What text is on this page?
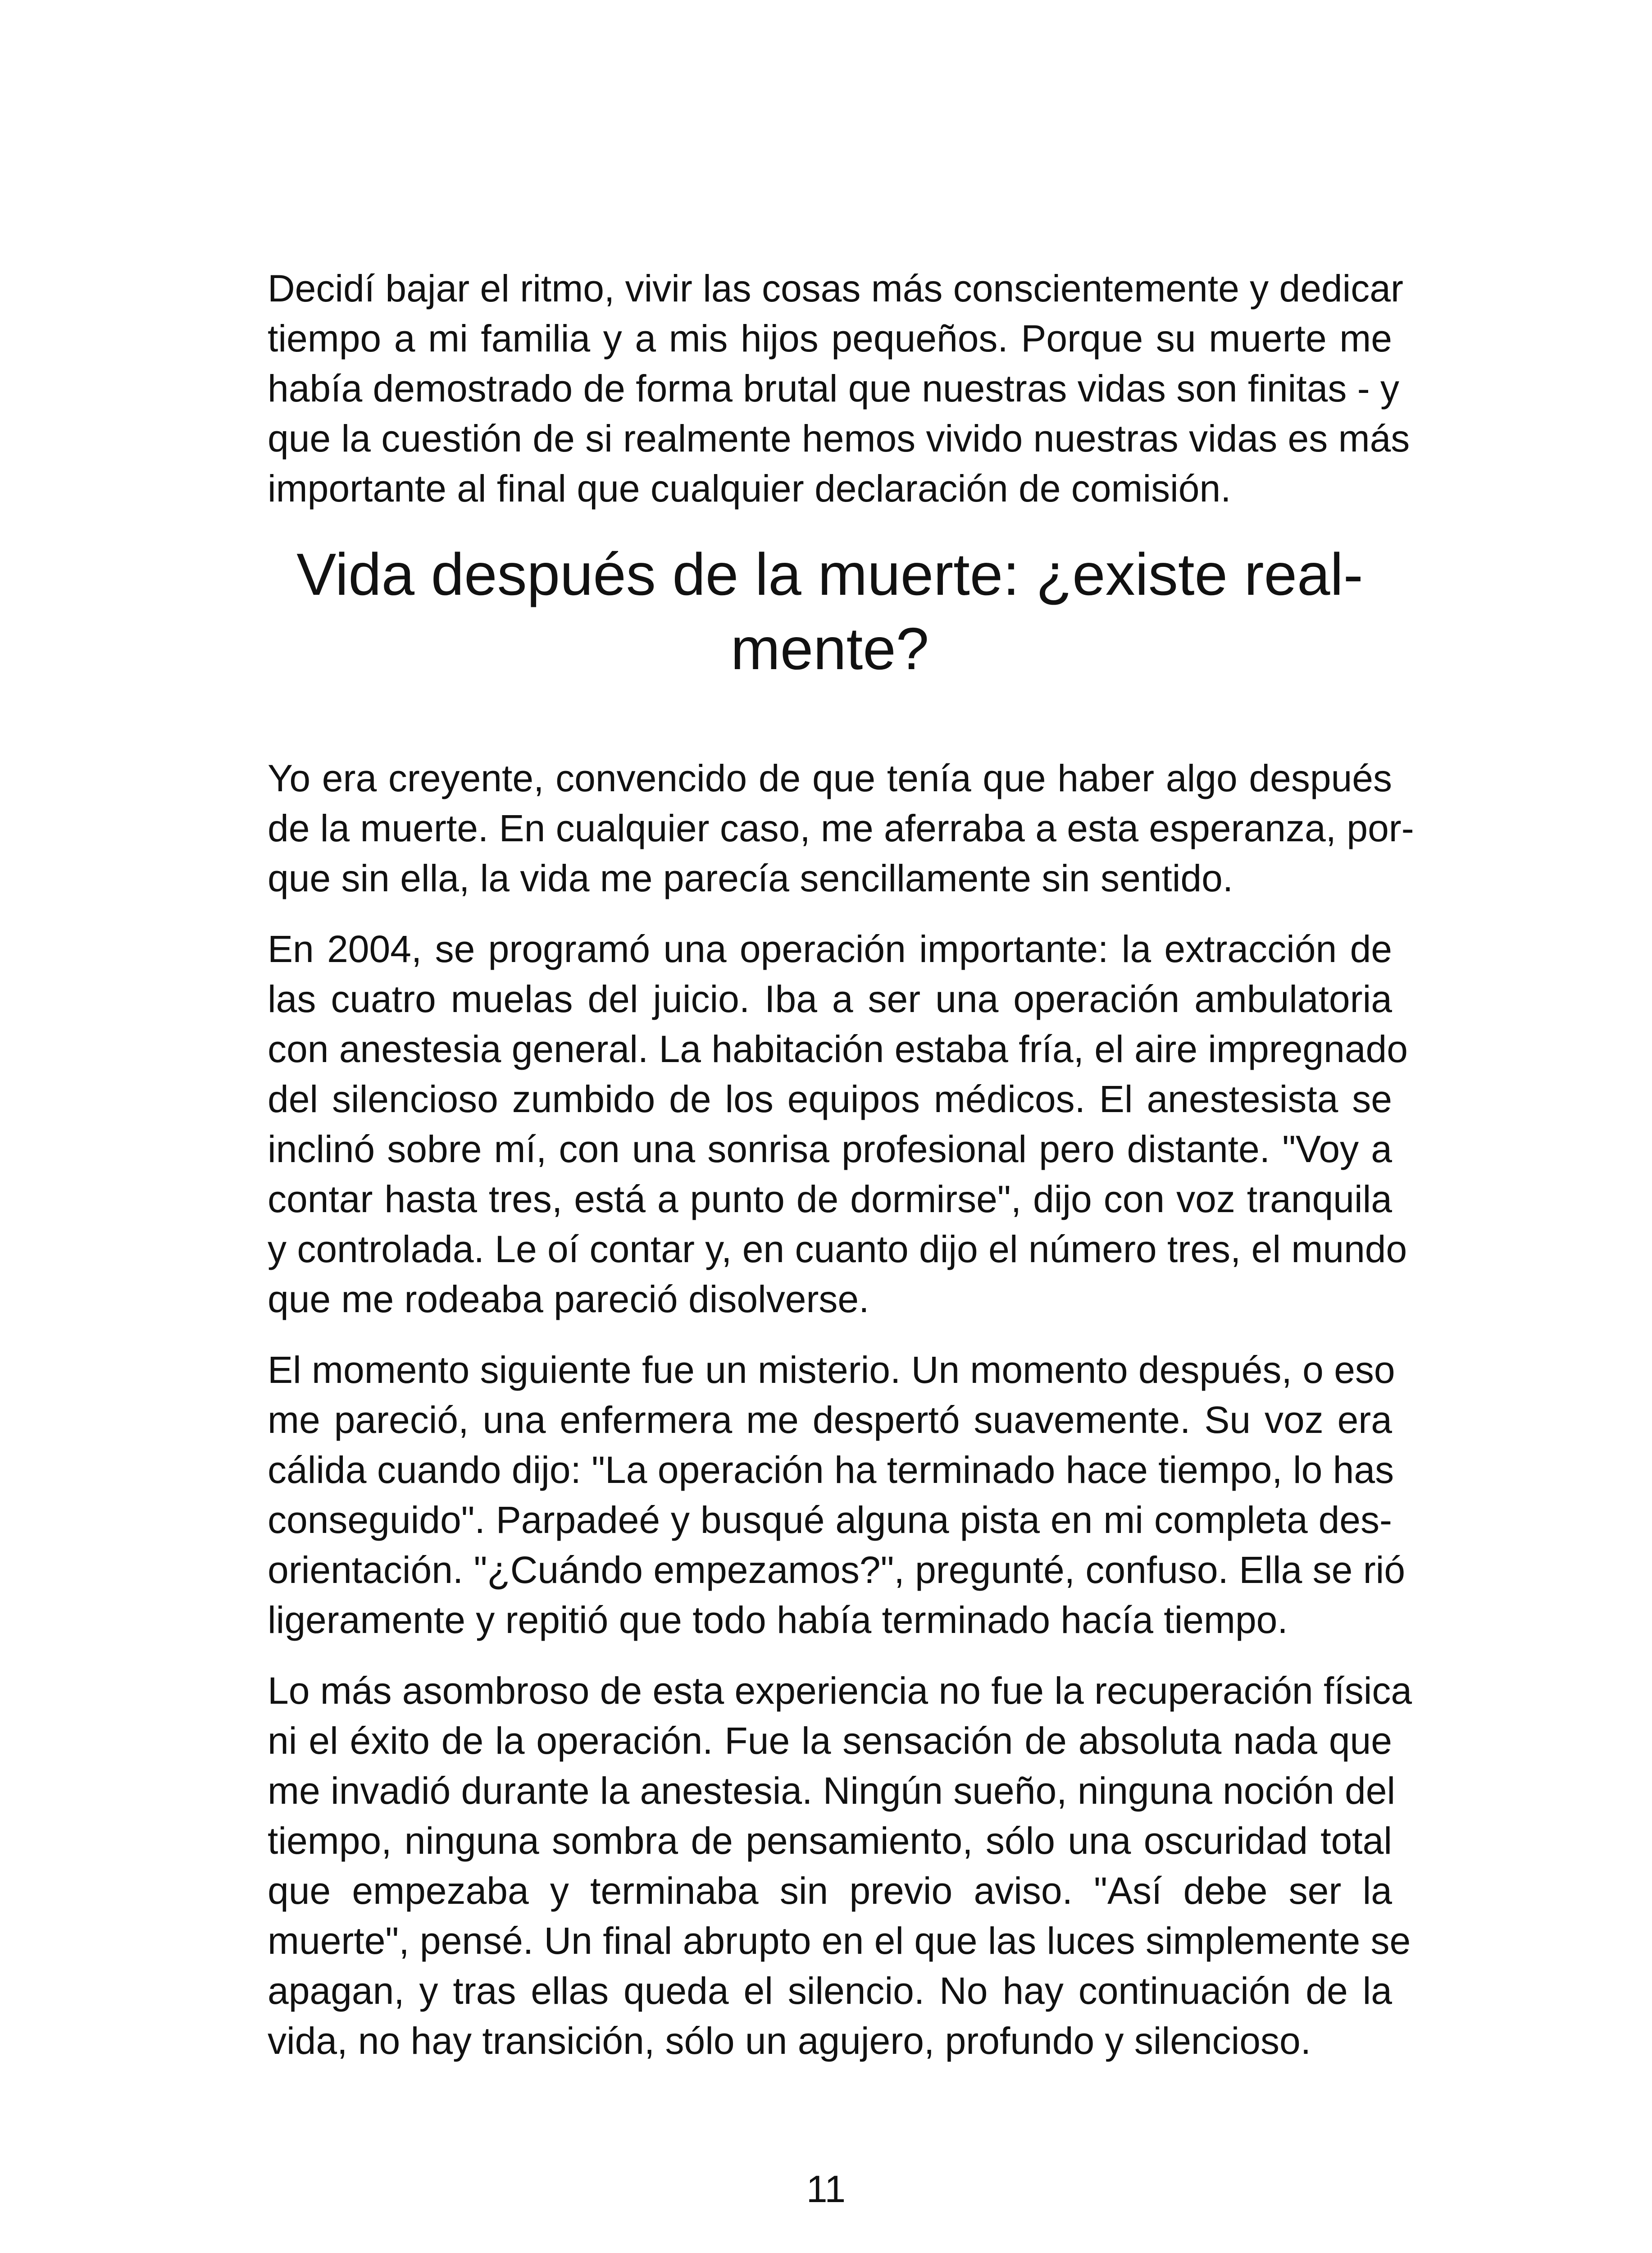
Decidí bajar el ritmo, vivir las cosas más conscientemente y dedicar
tiempo a mi familia y a mis hijos pequeños. Porque su muerte me
había demostrado de forma brutal que nuestras vidas son finitas - y
que la cuestión de si realmente hemos vivido nuestras vidas es más
importante al final que cualquier declaración de comisión.

Vida después de la muerte: ¿existe real-
mente?

Yo era creyente, convencido de que tenía que haber algo después
de la muerte. En cualquier caso, me aferraba a esta esperanza, por-
que sin ella, la vida me parecía sencillamente sin sentido.

En 2004, se programó una operación importante: la extracción de
las cuatro muelas del juicio. Iba a ser una operación ambulatoria
con anestesia general. La habitación estaba fría, el aire impregnado
del silencioso zumbido de los equipos médicos. El anestesista se
inclinó sobre mí, con una sonrisa profesional pero distante. "Voy a
contar hasta tres, está a punto de dormirse", dijo con voz tranquila
y controlada. Le oí contar y, en cuanto dijo el número tres, el mundo
que me rodeaba pareció disolverse.

El momento siguiente fue un misterio. Un momento después, o eso
me pareció, una enfermera me despertó suavemente. Su voz era
cálida cuando dijo: "La operación ha terminado hace tiempo, lo has
conseguido". Parpadeé y busqué alguna pista en mi completa des-
orientación. "¿Cuándo empezamos?", pregunté, confuso. Ella se rió
ligeramente y repitió que todo había terminado hacía tiempo.

Lo más asombroso de esta experiencia no fue la recuperación física
ni el éxito de la operación. Fue la sensación de absoluta nada que
me invadió durante la anestesia. Ningún sueño, ninguna noción del
tiempo, ninguna sombra de pensamiento, sólo una oscuridad total
que empezaba y terminaba sin previo aviso. "Así debe ser la
muerte", pensé. Un final abrupto en el que las luces simplemente se
apagan, y tras ellas queda el silencio. No hay continuación de la
vida, no hay transición, sólo un agujero, profundo y silencioso.

11
